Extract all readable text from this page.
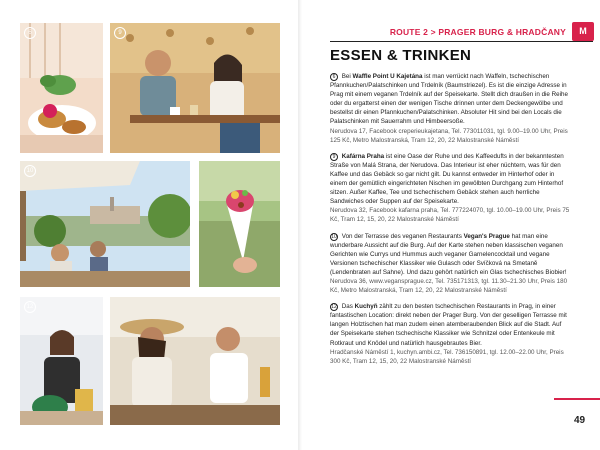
6	9
10
12
ROUTE 2 > PRAGER BURG & HRADČANY	M
ESSEN & TRINKEN

6 Bei Waffle Point U Kajetána ist man verrückt nach Waffeln, tschechischen Pfannkuchen/Palatschinken und Trdelník (Baumstriezel). Es ist die einzige Adresse in Prag mit einem veganen Trdelník auf der Speisekarte. Stellt dich draußen in die Reihe oder du ergatterst einen der wenigen Tische drinnen unter dem Deckengewölbe und bestellst dir einen Pfannkuchen/Palatschinken. Absoluter Hit sind bei den Locals die Palatschinken mit Sauerrahm und Himbeersoße.

Nerudova 17, Facebook creperieukajetana, Tel. 773011031, tgl. 9.00–19.00 Uhr, Preis 125 Kč, Metro Malostranská, Tram 12, 20, 22 Malostranské Náměstí

9 Kafárna Praha ist eine Oase der Ruhe und des Kaffeedufts in der bekanntesten Straße von Malá Strana, der Nerudova. Das Interieur ist eher nüchtern, was für den Kaffee und das Gebäck so gar nicht gilt. Du kannst entweder im Hinterhof oder in einem der gemütlich eingerichteten Nischen im gewölbten Durchgang zum Hinterhof sitzen. Außer Kaffee, Tee und tschechischem Gebäck stehen auch herrliche Sandwiches oder Suppen auf der Speisekarte.

Nerudova 32, Facebook kafarna praha, Tel. 777224070, tgl. 10.00–19.00 Uhr, Preis 75 Kč, Tram 12, 15, 20, 22 Malostranské Náměstí

10 Von der Terrasse des veganen Restaurants Vegan's Prague hat man eine wunderbare Aussicht auf die Burg. Auf der Karte stehen neben klassischen veganen Gerichten wie Currys und Hummus auch veganer Garnelencocktail und vegane Versionen tschechischer Klassiker wie Gulasch oder Svíčková na Smetaně (Lendenbraten auf Sahne). Und dazu gehört natürlich ein Glas tschechisches Biobier!

Nerudova 36, www.vegansprague.cz, Tel. 735171313, tgl. 11.30–21.30 Uhr, Preis 180 Kč, Metro Malostranská, Tram 12, 20, 22 Malostranské Náměstí

12 Das Kuchyň zählt zu den besten tschechischen Restaurants in Prag, in einer fantastischen Location: direkt neben der Prager Burg. Von der geselligen Terrasse mit langen Holztischen hat man zudem einen atemberaubenden Blick auf die Stadt. Auf der Speisekarte stehen tschechische Klassiker wie Schnitzel oder Entenkeule mit Rotkraut und Knödel und natürlich hausgebrautes Bier.

Hradčanské Náměstí 1, kuchyn.ambi.cz, Tel. 736150891, tgl. 12.00–22.00 Uhr, Preis 300 Kč, Tram 12, 15, 20, 22 Malostranské Náměstí

49
